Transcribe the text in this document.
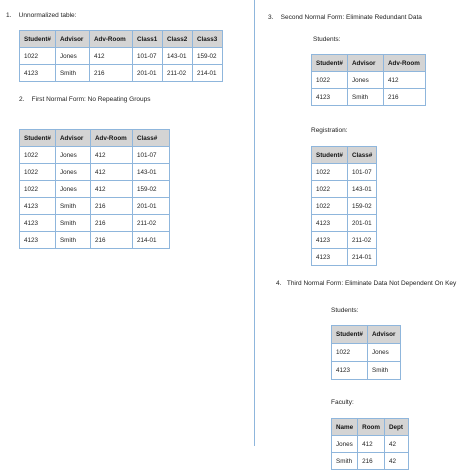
1. Unnormalized table:
Student#	Advisor	Adv-Room	Class1	Class2	Class3
1022	Jones	412	101-07	143-01	159-02
4123	Smith	216	201-01	211-02	214-01
2. First Normal Form: No Repeating Groups
Student#	Advisor	Adv-Room	Class#
1022	Jones	412	101-07
1022	Jones	412	143-01
1022	Jones	412	159-02
4123	Smith	216	201-01
4123	Smith	216	211-02
4123	Smith	216	214-01
3. Second Normal Form: Eliminate Redundant Data
Students:
Student#	Advisor	Adv-Room
1022	Jones	412
4123	Smith	216
Registration:
Student#	Class#
1022	101-07
1022	143-01
1022	159-02
4123	201-01
4123	211-02
4123	214-01
4. Third Normal Form: Eliminate Data Not Dependent On Key
Students:
Student#	Advisor
1022	Jones
4123	Smith
Faculty:
Name	Room	Dept
Jones	412	42
Smith	216	42
